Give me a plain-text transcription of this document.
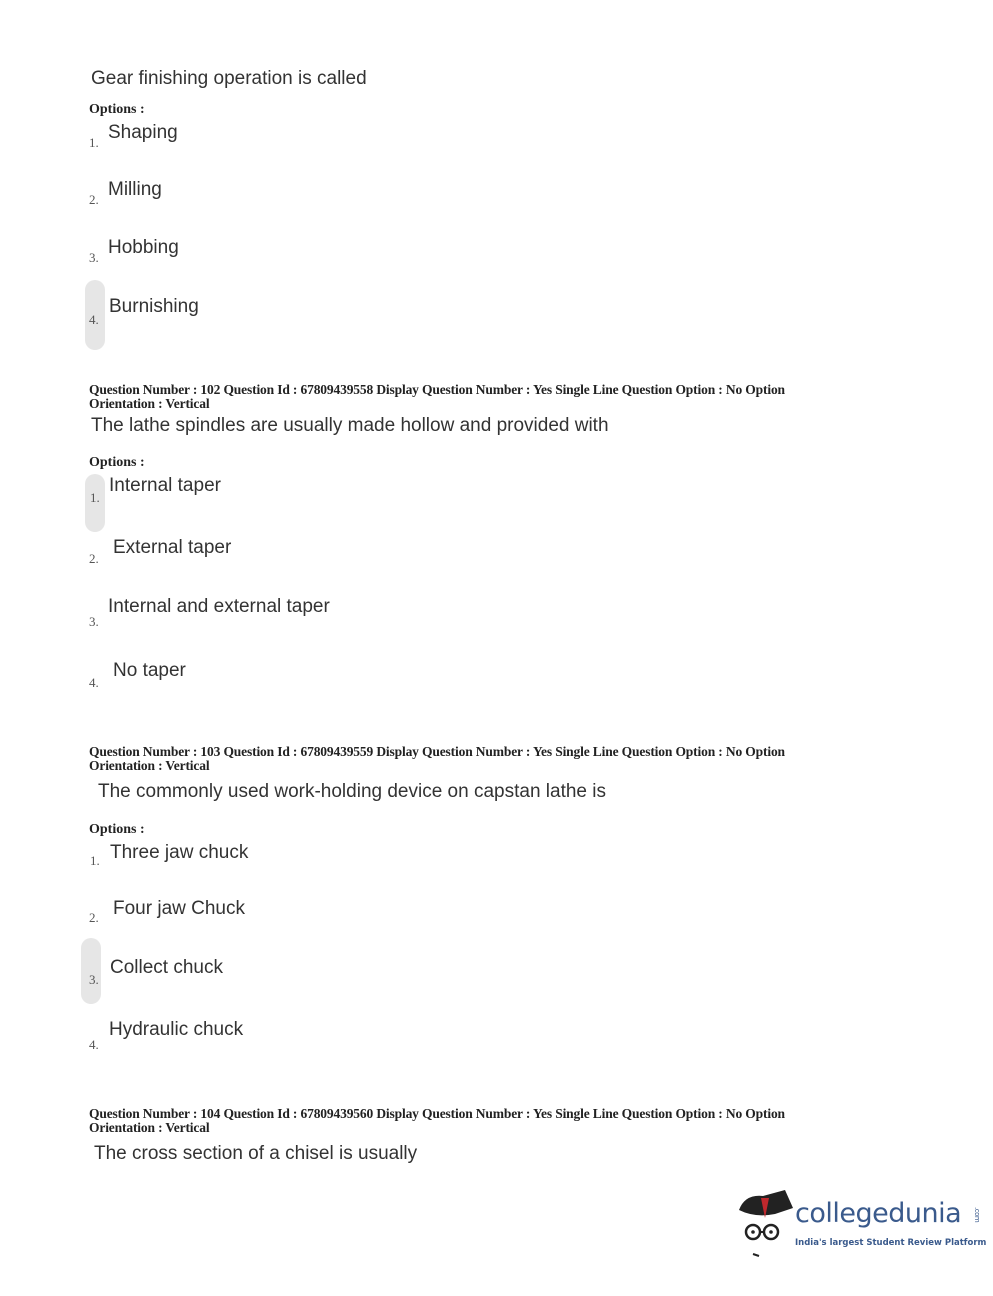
Gear finishing operation is called
Options :
1. Shaping
2. Milling
3. Hobbing
4.
Burnishing
Question Number : 102 Question Id : 67809439558 Display Question Number : Yes Single Line Question Option : No Option
Orientation : Vertical
The lathe spindles are usually made hollow and provided with
Options :
1.
Internal taper
2.
External taper
3.
Internal and external taper
4.
No taper
Question Number : 103 Question Id : 67809439559 Display Question Number : Yes Single Line Question Option : No Option
Orientation : Vertical
The commonly used work-holding device on capstan lathe is
Options :
1. Three jaw chuck
2. Four jaw Chuck
3.
Collect chuck
4.
Hydraulic chuck
Question Number : 104 Question Id : 67809439560 Display Question Number : Yes Single Line Question Option : No Option
Orientation : Vertical
The cross section of a chisel is usually
collegedunia .com
India's largest Student Review Platform
